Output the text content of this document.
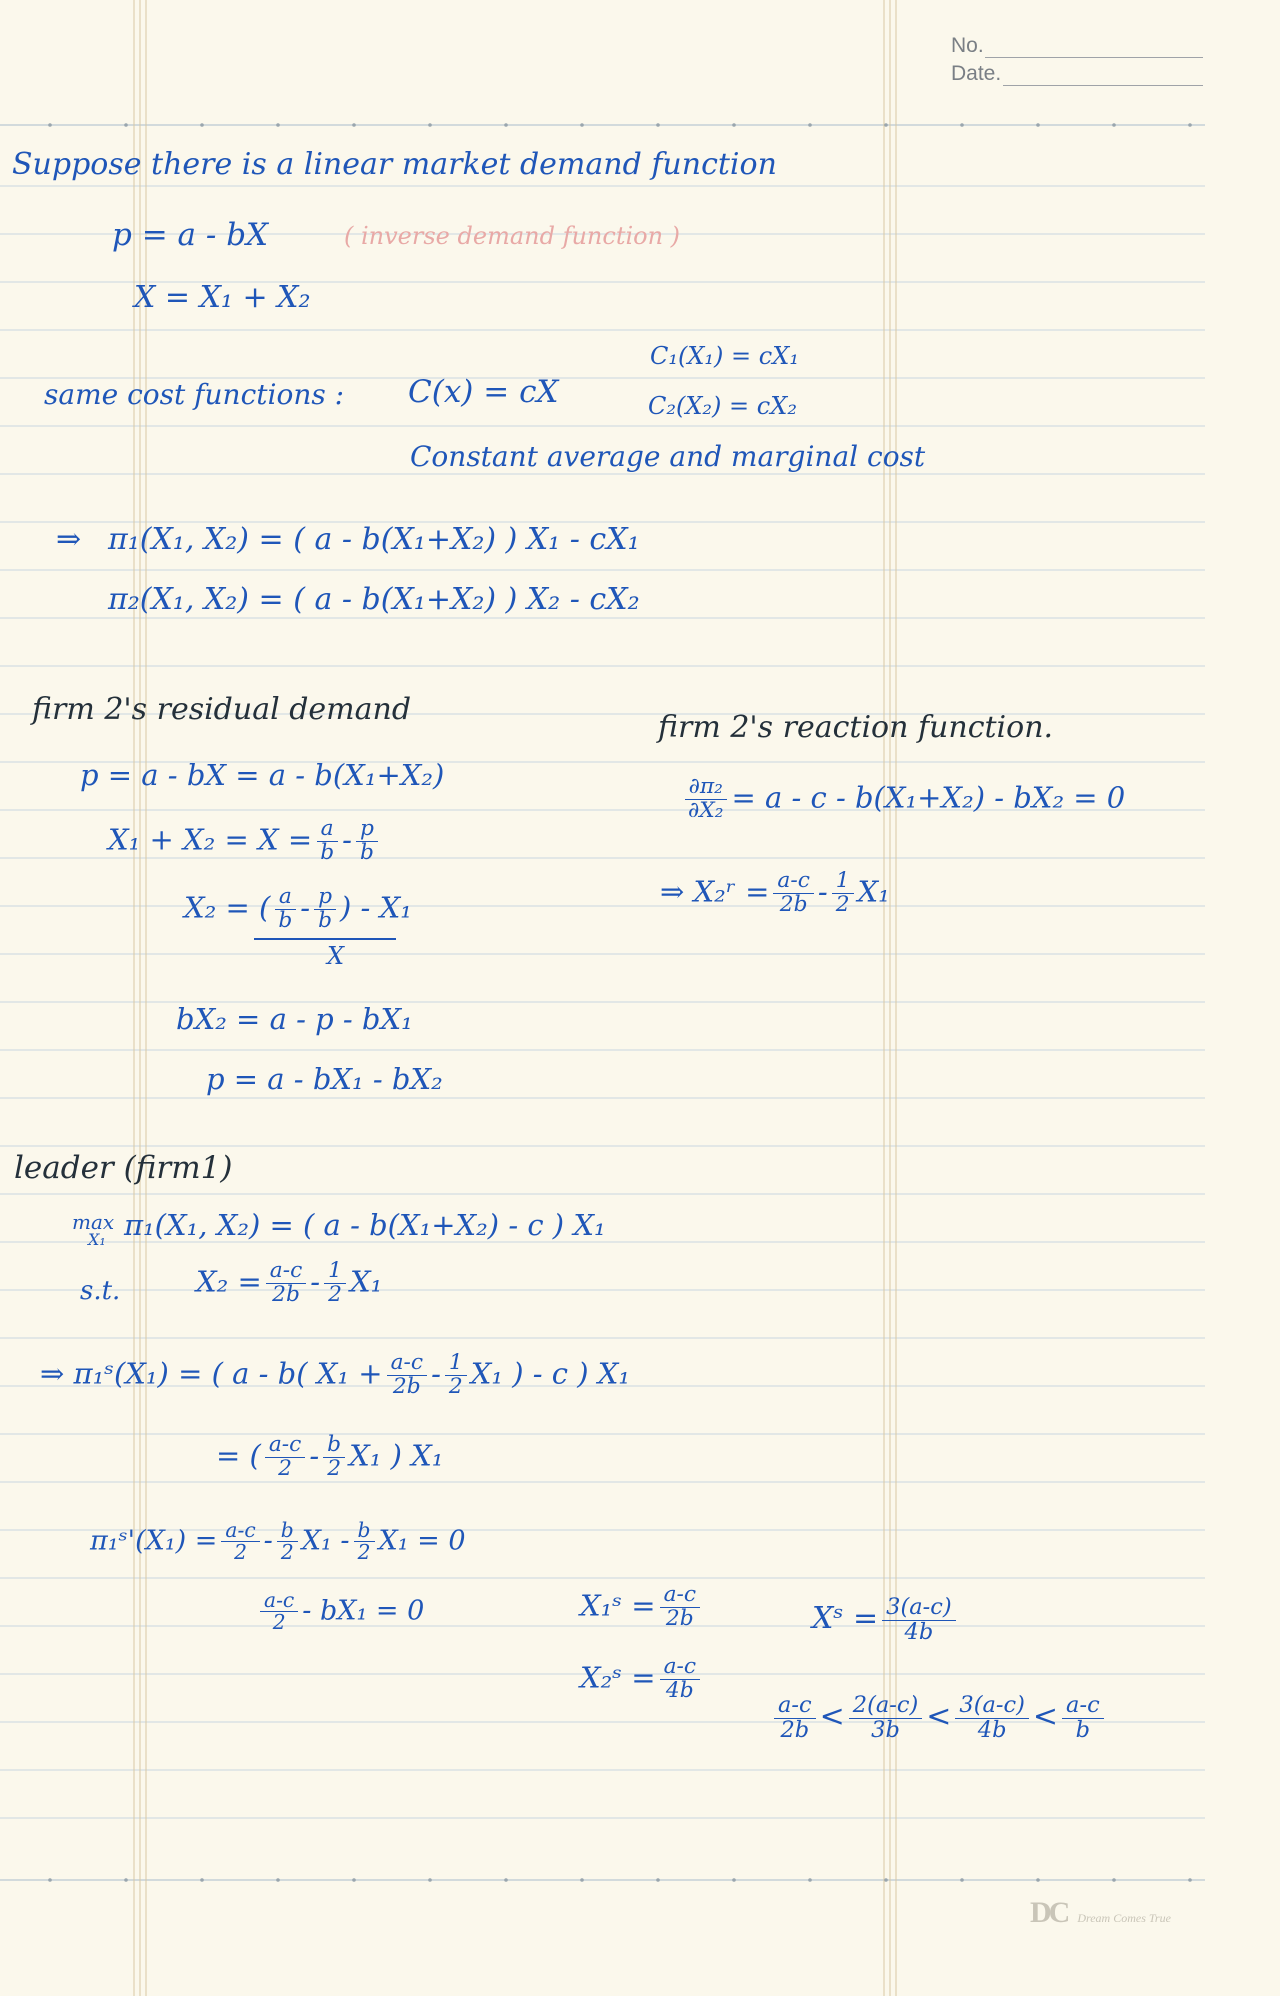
No.
Date.
Suppose there is a linear market demand function
p = a - bX	( inverse demand function )
X = X₁ + X₂
C₁(X₁) = cX₁
same cost functions : C(x) = cX	C₂(X₂) = cX₂
Constant average and marginal cost
⇒ π₁(X₁, X₂) = ( a - b(X₁+X₂) ) X₁ - cX₁
π₂(X₁, X₂) = ( a - b(X₁+X₂) ) X₂ - cX₂
firm 2's residual demand
firm 2's reaction function.
p = a - bX = a - b(X₁+X₂)
$X_1 + X_2 = X = \frac{a}{b} - \frac{p}{b}$
X₂ = ( $\frac{a}{b} - \frac{p}{b}$ ) - X₁
X
bX₂ = a - p - bX₁
p = a - bX₁ - bX₂
$\frac{\text{∂π₂}}{\text{∂X₂}} = a - c - b(X_1+X_2) - bX_2 = 0$
⇒ X₂ʳ = $\frac{a-c}{2b} - \frac{1}{2} X_1$
leader (firm1)
max
X₁ π₁(X₁, X₂) = ( a - b(X₁+X₂) - c ) X₁
s.t.	$X_2 = \frac{a-c}{2b} - \frac{1}{2} X_1$
⇒ π₁ˢ(X₁) = ( a - b( $X_1 + \frac{a-c}{2b} - \frac{1}{2} X_1$ ) - c ) X₁
= ( $\frac{a-c}{2} - \frac{b}{2} X_1$ ) X₁
π₁ˢ'(X₁) = $\frac{a-c}{2} - \frac{b}{2} X_1 - \frac{b}{2} X_1 = 0$
$\frac{a-c}{2} - bX_1 = 0$	X₁ˢ = $\frac{a-c}{2b}$
X₂ˢ = $\frac{a-c}{4b}$
Xˢ = $\frac{3(a-c)}{4b}$
$\frac{a-c}{2b} < \frac{2(a-c)}{3b} < \frac{3(a-c)}{4b} < \frac{a-c}{b}$
DC Dream Comes True
